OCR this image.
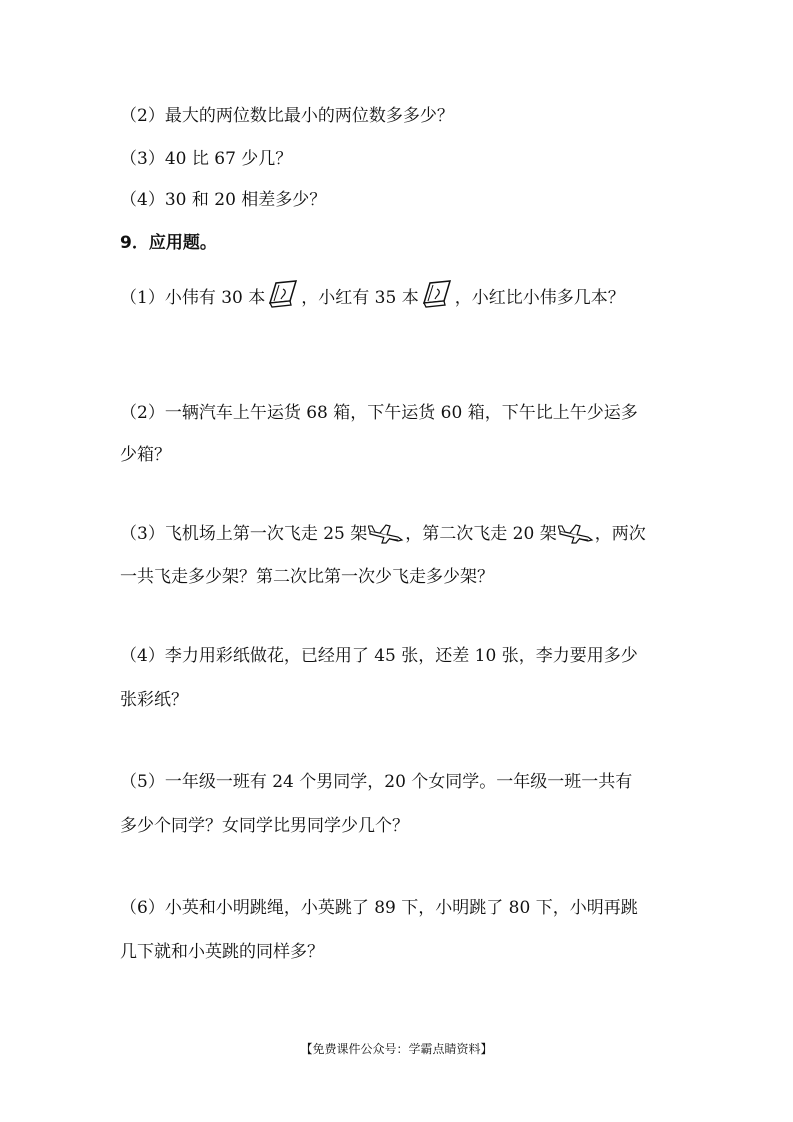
（2）最大的两位数比最小的两位数多多少？
（3）40 比 67 少几？
（4）30 和 20 相差多少？
9．应用题。
（1）小伟有 30 本 ，小红有 35 本 ，小红比小伟多几本？
（2）一辆汽车上午运货 68 箱，下午运货 60 箱，下午比上午少运多
少箱？
（3）飞机场上第一次飞走 25 架 ，第二次飞走 20 架 ，两次
一共飞走多少架？第二次比第一次少飞走多少架？
（4）李力用彩纸做花，已经用了 45 张，还差 10 张，李力要用多少
张彩纸？
（5）一年级一班有 24 个男同学，20 个女同学。一年级一班一共有
多少个同学？女同学比男同学少几个？
（6）小英和小明跳绳，小英跳了 89 下，小明跳了 80 下，小明再跳
几下就和小英跳的同样多？
【免费课件公众号：学霸点睛资料】
